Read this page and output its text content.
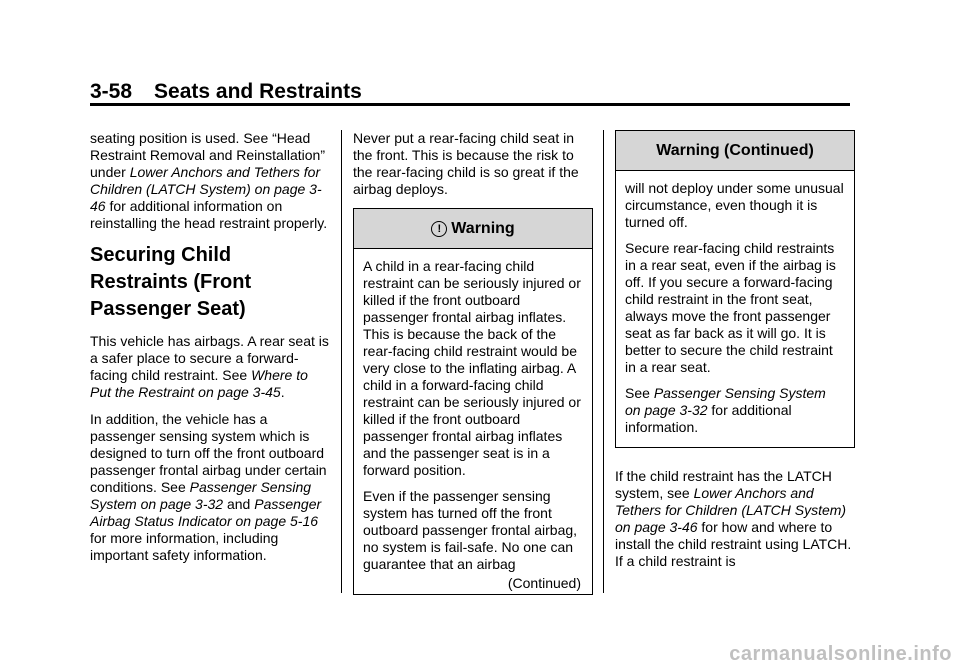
3-58 Seats and Restraints

seating position is used. See “Head Restraint Removal and Reinstallation” under Lower Anchors and Tethers for Children (LATCH System) on page 3-46 for additional information on reinstalling the head restraint properly.

Securing Child Restraints (Front Passenger Seat)

This vehicle has airbags. A rear seat is a safer place to secure a forward-facing child restraint. See Where to Put the Restraint on page 3-45.

In addition, the vehicle has a passenger sensing system which is designed to turn off the front outboard passenger frontal airbag under certain conditions. See Passenger Sensing System on page 3-32 and Passenger Airbag Status Indicator on page 5-16 for more information, including important safety information.

Never put a rear-facing child seat in the front. This is because the risk to the rear-facing child is so great if the airbag deploys.

! Warning

A child in a rear-facing child restraint can be seriously injured or killed if the front outboard passenger frontal airbag inflates. This is because the back of the rear-facing child restraint would be very close to the inflating airbag. A child in a forward-facing child restraint can be seriously injured or killed if the front outboard passenger frontal airbag inflates and the passenger seat is in a forward position.

Even if the passenger sensing system has turned off the front outboard passenger frontal airbag, no system is fail-safe. No one can guarantee that an airbag

(Continued)
Warning (Continued)

will not deploy under some unusual circumstance, even though it is turned off.

Secure rear-facing child restraints in a rear seat, even if the airbag is off. If you secure a forward-facing child restraint in the front seat, always move the front passenger seat as far back as it will go. It is better to secure the child restraint in a rear seat.

See Passenger Sensing System on page 3-32 for additional information.

If the child restraint has the LATCH system, see Lower Anchors and Tethers for Children (LATCH System) on page 3-46 for how and where to install the child restraint using LATCH. If a child restraint is

carmanualsonline.info
